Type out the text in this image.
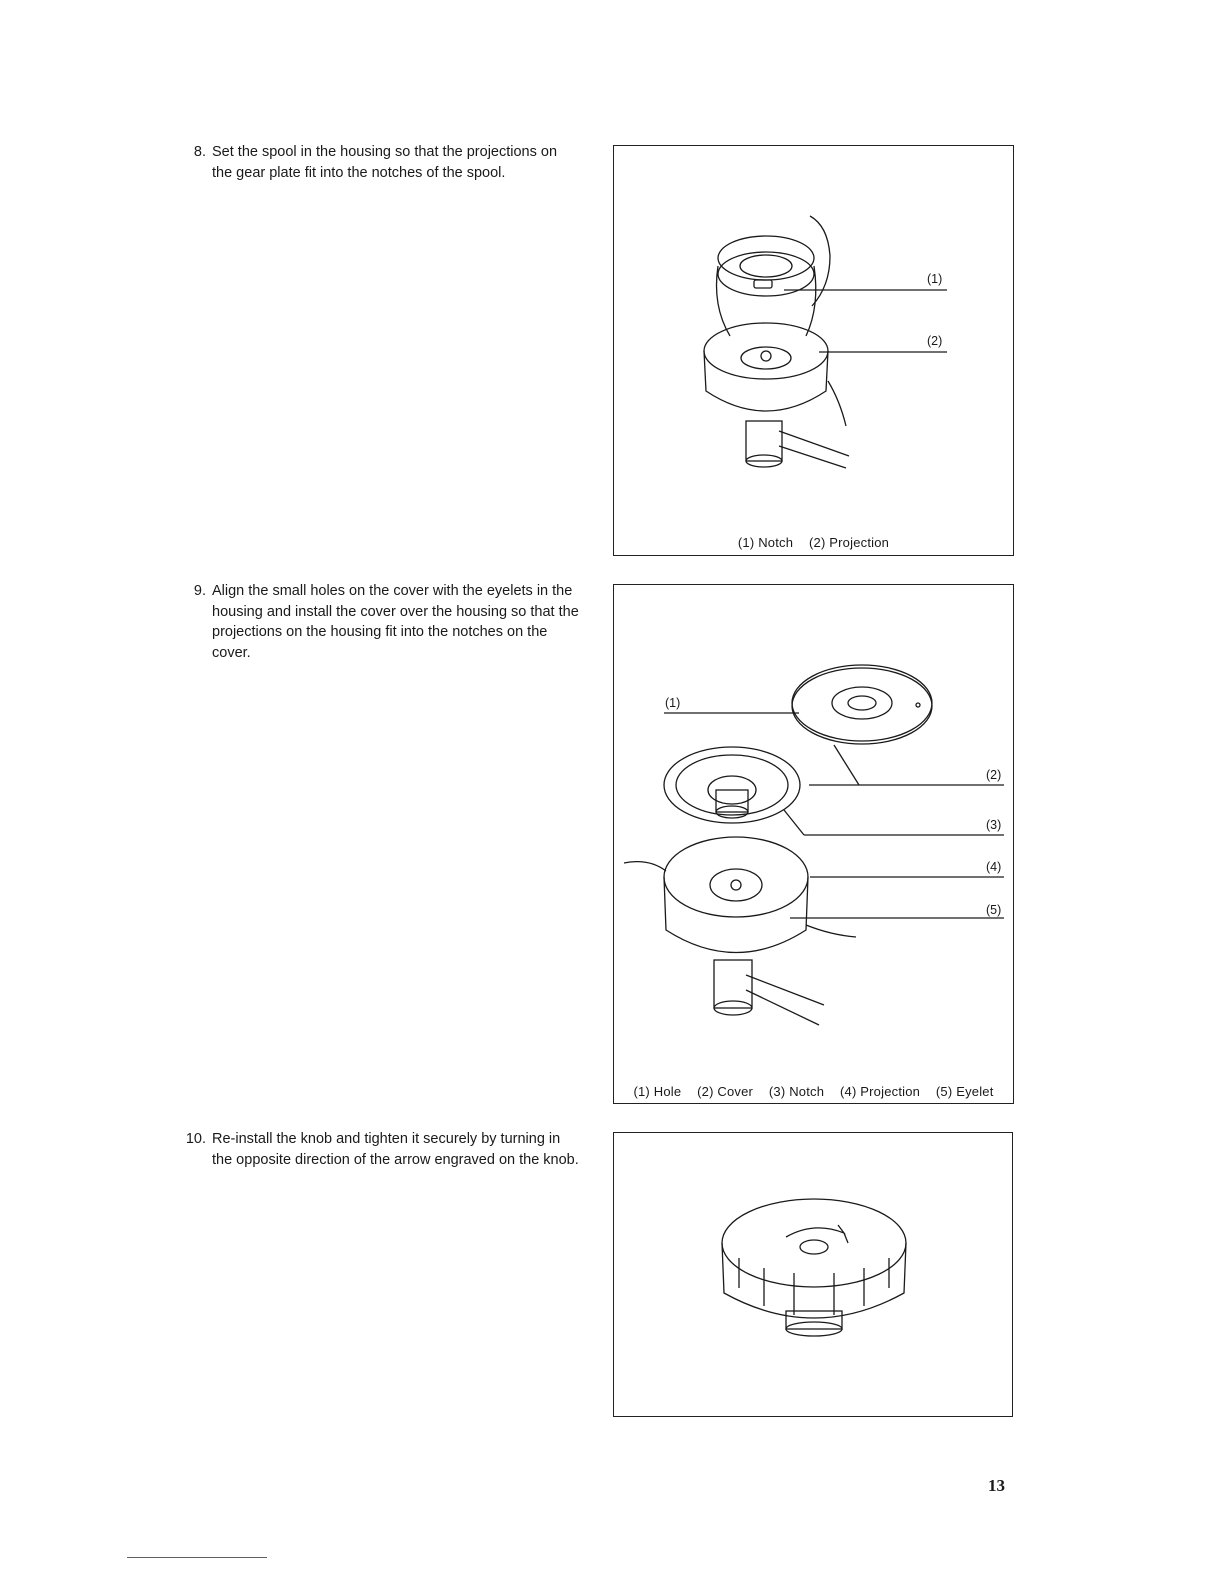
8. Set the spool in the housing so that the projections on the gear plate fit into the notches of the spool.
(1)
(2)
(1) Notch (2) Projection
9. Align the small holes on the cover with the eyelets in the housing and install the cover over the housing so that the projections on the housing fit into the notches on the cover.
(1)
(2)
(3)
(4)
(5)
(1) Hole (2) Cover (3) Notch (4) Projection (5) Eyelet
10. Re-install the knob and tighten it securely by turning in the opposite direction of the arrow engraved on the knob.
13
